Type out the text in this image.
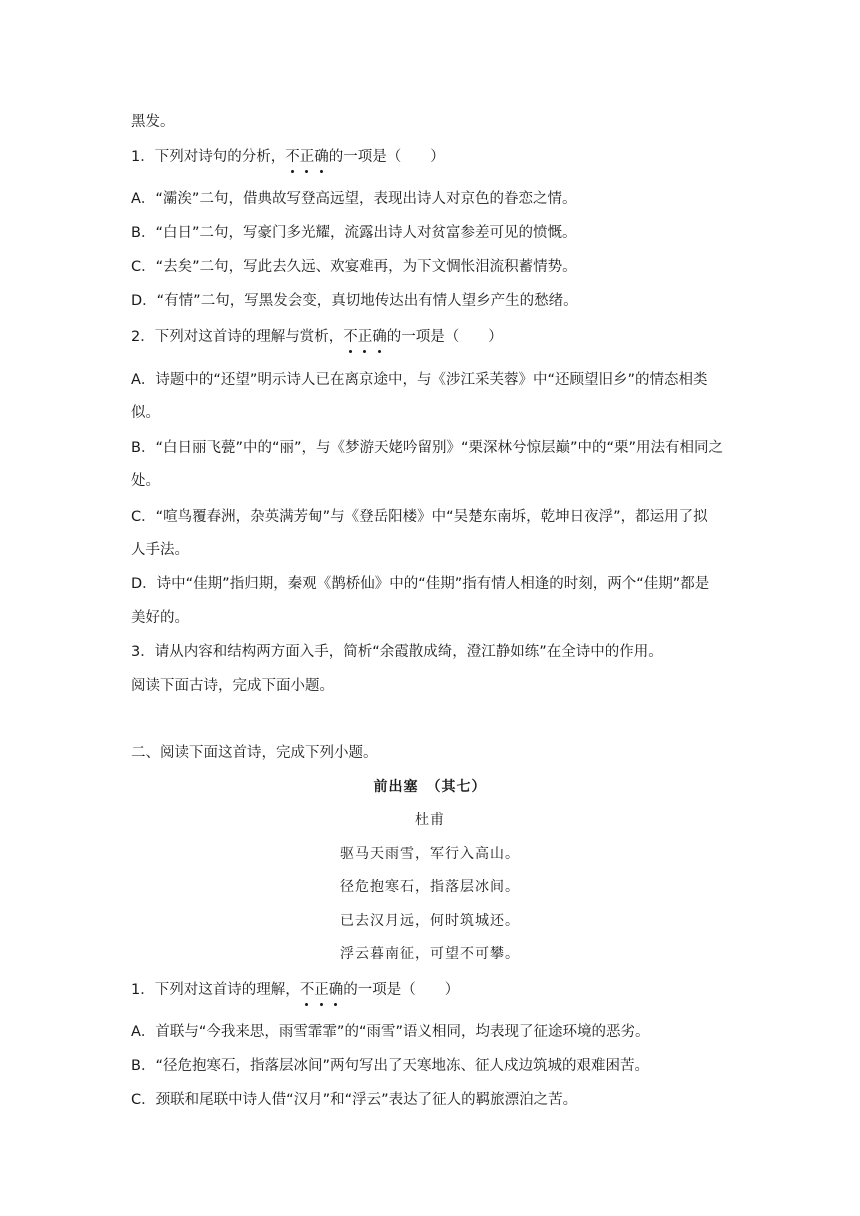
黑发。
1．下列对诗句的分析，不正确的一项是（　　）
A．“灞涘”二句，借典故写登高远望，表现出诗人对京色的眷恋之情。
B．“白日”二句，写豪门多光耀，流露出诗人对贫富参差可见的愤慨。
C．“去矣”二句，写此去久远、欢宴难再，为下文惆怅泪流积蓄情势。
D．“有情”二句，写黑发会变，真切地传达出有情人望乡产生的愁绪。
2．下列对这首诗的理解与赏析，不正确的一项是（　　）
A．诗题中的“还望”明示诗人已在离京途中，与《涉江采芙蓉》中“还顾望旧乡”的情态相类
似。
B．“白日丽飞甍”中的“丽”，与《梦游天姥吟留别》“栗深林兮惊层巅”中的“栗”用法有相同之
处。
C．“喧鸟覆春洲，杂英满芳甸”与《登岳阳楼》中“吴楚东南坼，乾坤日夜浮”，都运用了拟
人手法。
D．诗中“佳期”指归期，秦观《鹊桥仙》中的“佳期”指有情人相逢的时刻，两个“佳期”都是
美好的。
3．请从内容和结构两方面入手，简析“余霞散成绮，澄江静如练”在全诗中的作用。
阅读下面古诗，完成下面小题。
二、阅读下面这首诗，完成下列小题。
前出塞　（其七）
杜甫
驱马天雨雪，军行入高山。
径危抱寒石，指落层冰间。
已去汉月远，何时筑城还。
浮云暮南征，可望不可攀。
1．下列对这首诗的理解，不正确的一项是（　　）
A．首联与“今我来思，雨雪霏霏”的“雨雪”语义相同，均表现了征途环境的恶劣。
B．“径危抱寒石，指落层冰间”两句写出了天寒地冻、征人戍边筑城的艰难困苦。
C．颈联和尾联中诗人借“汉月”和“浮云”表达了征人的羁旅漂泊之苦。
